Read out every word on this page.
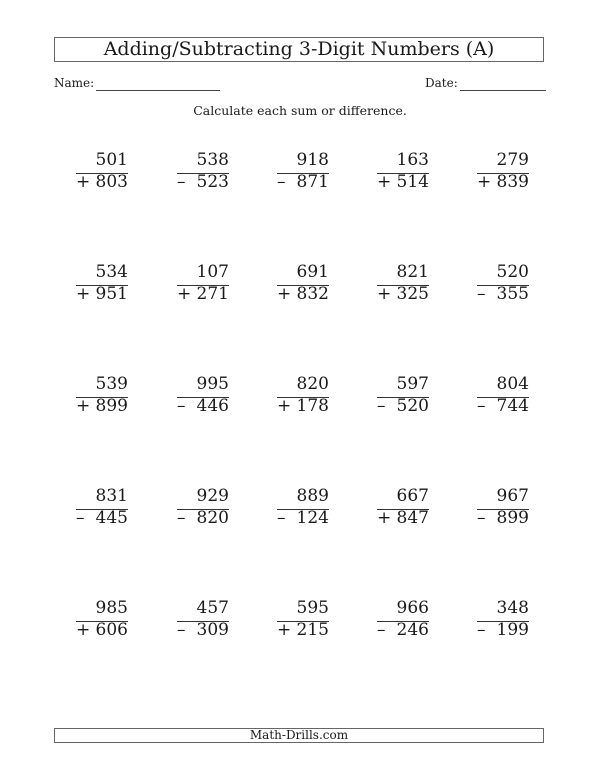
Adding/Subtracting 3-Digit Numbers (A)
Name:	Date:
Calculate each sum or difference.
501
+ 803
538
– 523
918
– 871
163
+ 514
279
+ 839
534
+ 951
107
+ 271
691
+ 832
821
+ 325
520
– 355
539
+ 899
995
– 446
820
+ 178
597
– 520
804
– 744
831
– 445
929
– 820
889
– 124
667
+ 847
967
– 899
985
+ 606
457
– 309
595
+ 215
966
– 246
348
– 199
Math-Drills.com
